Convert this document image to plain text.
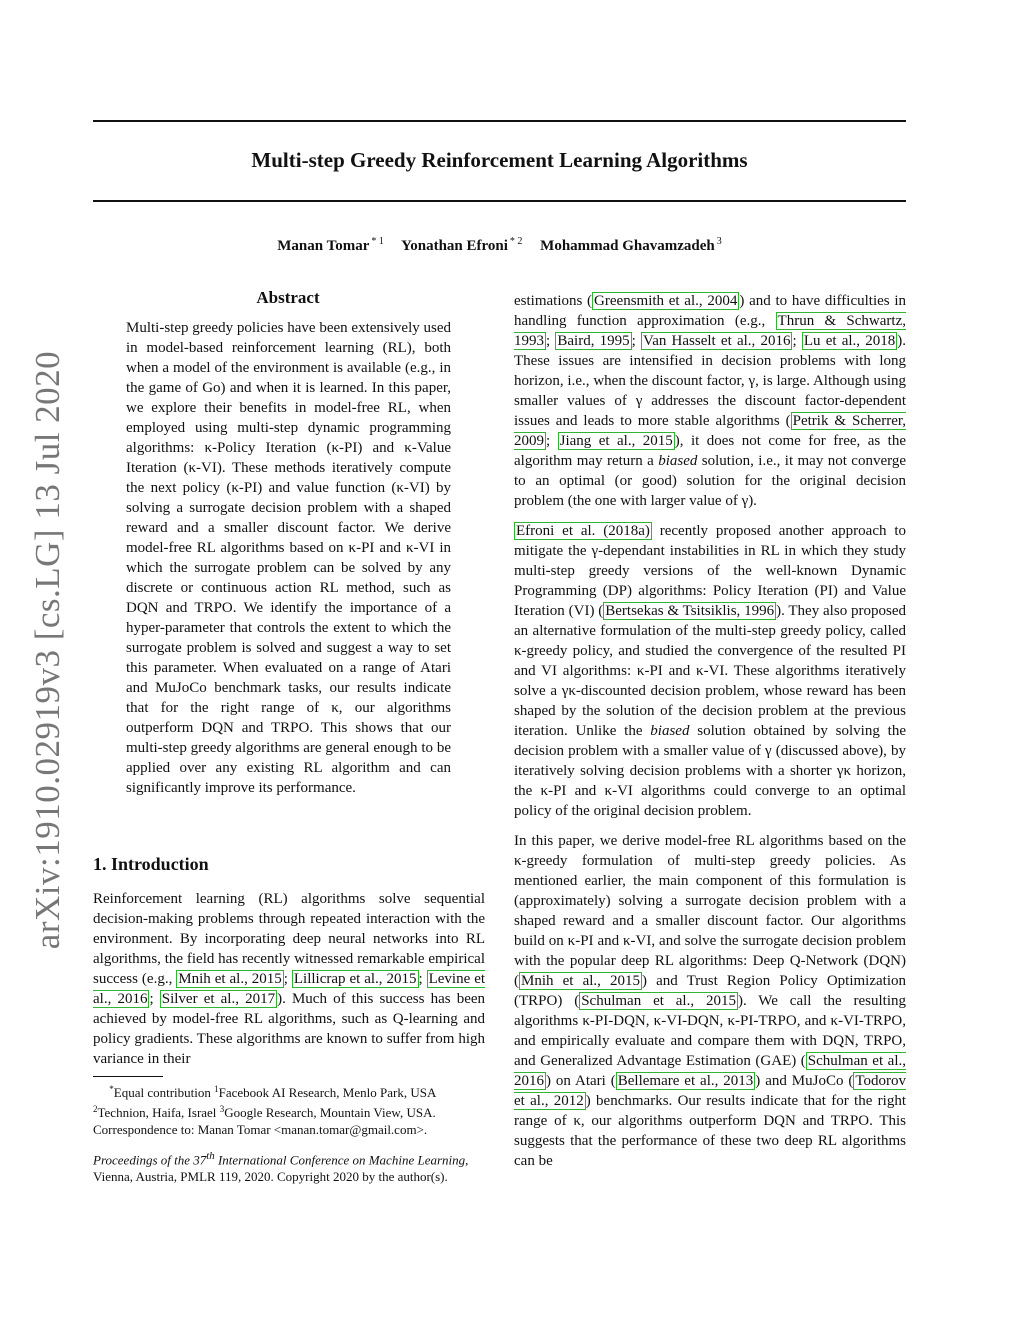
Multi-step Greedy Reinforcement Learning Algorithms
Manan Tomar $^{* 1}$ Yonathan Efroni $^{* 2}$ Mohammad Ghavamzadeh $^3$
arXiv:1910.02919v3 [cs.LG] 13 Jul 2020
Abstract
Multi-step greedy policies have been extensively used in model-based reinforcement learning (RL), both when a model of the environment is available (e.g., in the game of Go) and when it is learned. In this paper, we explore their benefits in model-free RL, when employed using multi-step dynamic programming algorithms: κ-Policy Iteration (κ-PI) and κ-Value Iteration (κ-VI). These methods iteratively compute the next policy (κ-PI) and value function (κ-VI) by solving a surrogate decision problem with a shaped reward and a smaller discount factor. We derive model-free RL algorithms based on κ-PI and κ-VI in which the surrogate problem can be solved by any discrete or continuous action RL method, such as DQN and TRPO. We identify the importance of a hyper-parameter that controls the extent to which the surrogate problem is solved and suggest a way to set this parameter. When evaluated on a range of Atari and MuJoCo benchmark tasks, our results indicate that for the right range of κ, our algorithms outperform DQN and TRPO. This shows that our multi-step greedy algorithms are general enough to be applied over any existing RL algorithm and can significantly improve its performance.
1. Introduction
Reinforcement learning (RL) algorithms solve sequential decision-making problems through repeated interaction with the environment. By incorporating deep neural networks into RL algorithms, the field has recently witnessed remarkable empirical success (e.g., Mnih et al., 2015 ; Lillicrap et al., 2015 ; Levine et al., 2016 ; Silver et al., 2017 ). Much of this success has been achieved by model-free RL algorithms, such as Q-learning and policy gradients. These algorithms are known to suffer from high variance in their
*Equal contribution $^1$Facebook AI Research, Menlo Park, USA
$^2$Technion, Haifa, Israel $^3$Google Research, Mountain View, USA.
Correspondence to: Manan Tomar <manan.tomar@gmail.com>.
Proceedings of the 37th International Conference on Machine Learning, Vienna, Austria, PMLR 119, 2020. Copyright 2020 by the author(s).

estimations ( Greensmith et al., 2004 ) and to have difficulties in handling function approximation (e.g., Thrun & Schwartz, 1993 ; Baird, 1995 ; Van Hasselt et al., 2016 ; Lu et al., 2018 ). These issues are intensified in decision problems with long horizon, i.e., when the discount factor, γ, is large. Although using smaller values of γ addresses the discount factor-dependent issues and leads to more stable algorithms ( Petrik & Scherrer, 2009 ; Jiang et al., 2015 ), it does not come for free, as the algorithm may return a biased solution, i.e., it may not converge to an optimal (or good) solution for the original decision problem (the one with larger value of γ).

Efroni et al. (2018a) recently proposed another approach to mitigate the γ-dependant instabilities in RL in which they study multi-step greedy versions of the well-known Dynamic Programming (DP) algorithms: Policy Iteration (PI) and Value Iteration (VI) ( Bertsekas & Tsitsiklis, 1996 ). They also proposed an alternative formulation of the multi-step greedy policy, called κ-greedy policy, and studied the convergence of the resulted PI and VI algorithms: κ-PI and κ-VI. These algorithms iteratively solve a γκ-discounted decision problem, whose reward has been shaped by the solution of the decision problem at the previous iteration. Unlike the biased solution obtained by solving the decision problem with a smaller value of γ (discussed above), by iteratively solving decision problems with a shorter γκ horizon, the κ-PI and κ-VI algorithms could converge to an optimal policy of the original decision problem.

In this paper, we derive model-free RL algorithms based on the κ-greedy formulation of multi-step greedy policies. As mentioned earlier, the main component of this formulation is (approximately) solving a surrogate decision problem with a shaped reward and a smaller discount factor. Our algorithms build on κ-PI and κ-VI, and solve the surrogate decision problem with the popular deep RL algorithms: Deep Q-Network (DQN) ( Mnih et al., 2015 ) and Trust Region Policy Optimization (TRPO) ( Schulman et al., 2015 ). We call the resulting algorithms κ-PI-DQN, κ-VI-DQN, κ-PI-TRPO, and κ-VI-TRPO, and empirically evaluate and compare them with DQN, TRPO, and Generalized Advantage Estimation (GAE) ( Schulman et al., 2016 ) on Atari ( Bellemare et al., 2013 ) and MuJoCo ( Todorov et al., 2012 ) benchmarks. Our results indicate that for the right range of κ, our algorithms outperform DQN and TRPO. This suggests that the performance of these two deep RL algorithms can be
